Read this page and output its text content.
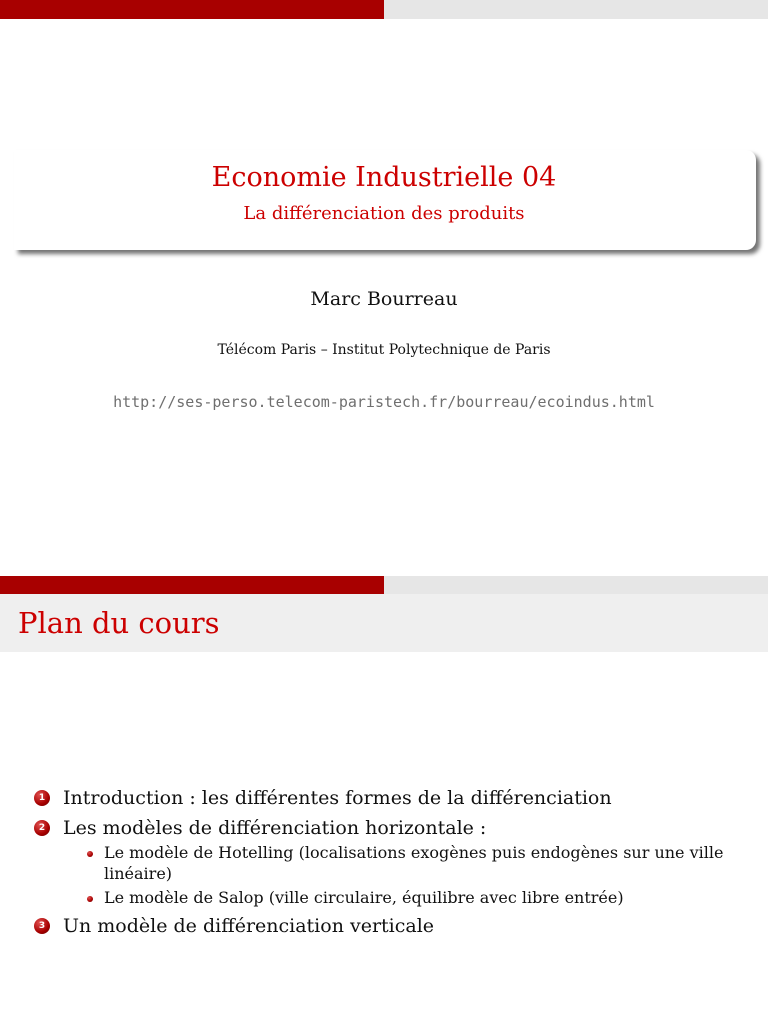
Economie Industrielle 04
La différenciation des produits
Marc Bourreau
Télécom Paris – Institut Polytechnique de Paris
http://ses-perso.telecom-paristech.fr/bourreau/ecoindus.html
Plan du cours
1 Introduction : les différentes formes de la différenciation
2 Les modèles de différenciation horizontale :
Le modèle de Hotelling (localisations exogènes puis endogènes sur une ville linéaire)
Le modèle de Salop (ville circulaire, équilibre avec libre entrée)
3 Un modèle de différenciation verticale
